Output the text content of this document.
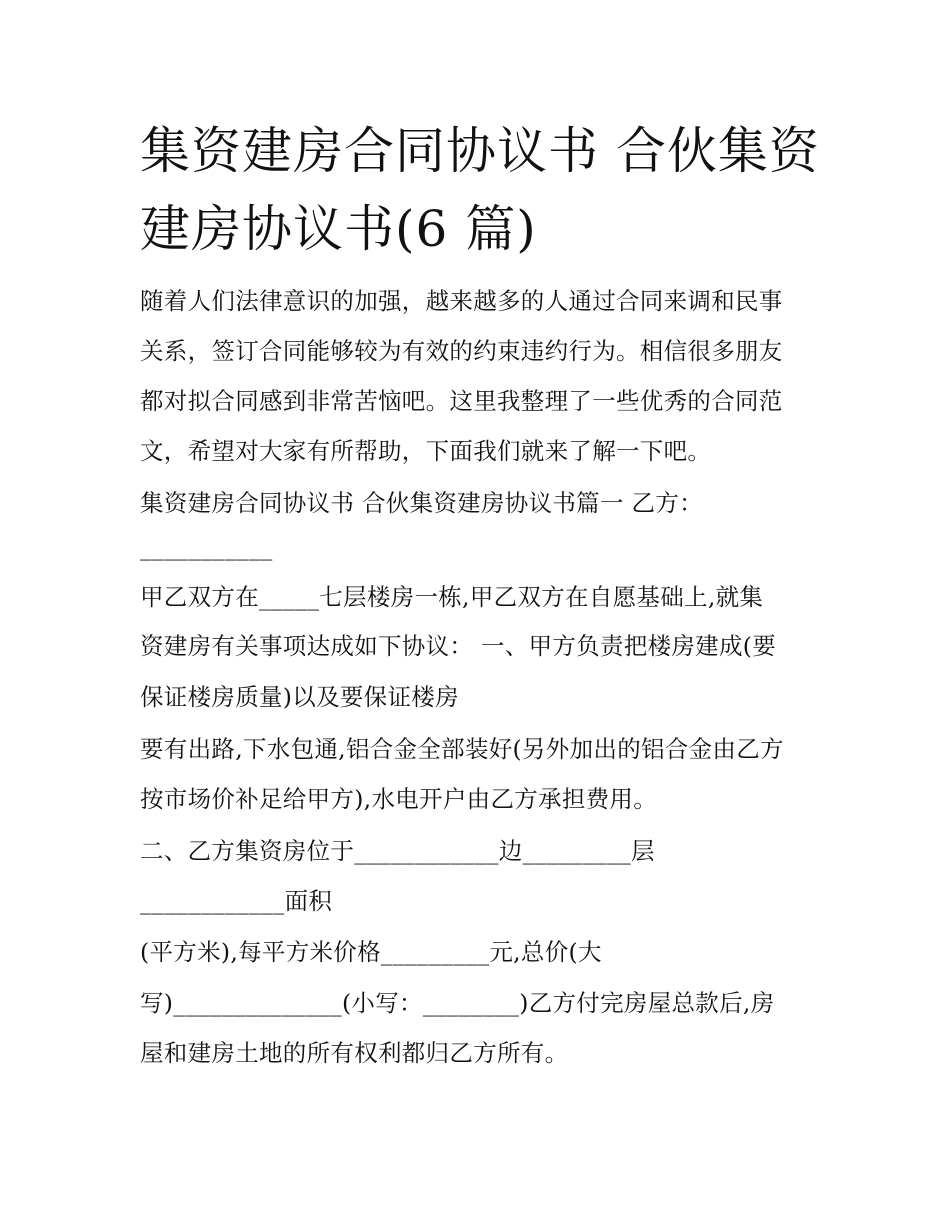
集资建房合同协议书 合伙集资
建房协议书(6 篇)
随着人们法律意识的加强，越来越多的人通过合同来调和民事
关系，签订合同能够较为有效的约束违约行为。相信很多朋友
都对拟合同感到非常苦恼吧。这里我整理了一些优秀的合同范
文，希望对大家有所帮助，下面我们就来了解一下吧。
集资建房合同协议书 合伙集资建房协议书篇一 乙方：
___________
甲乙双方在_____七层楼房一栋,甲乙双方在自愿基础上,就集
资建房有关事项达成如下协议： 一、甲方负责把楼房建成(要
保证楼房质量)以及要保证楼房
要有出路,下水包通,铝合金全部装好(另外加出的铝合金由乙方
按市场价补足给甲方),水电开户由乙方承担费用。
二、乙方集资房位于____________边_________层
____________面积
(平方米),每平方米价格_________元,总价(大
写)______________(小写：________)乙方付完房屋总款后,房
屋和建房土地的所有权利都归乙方所有。
